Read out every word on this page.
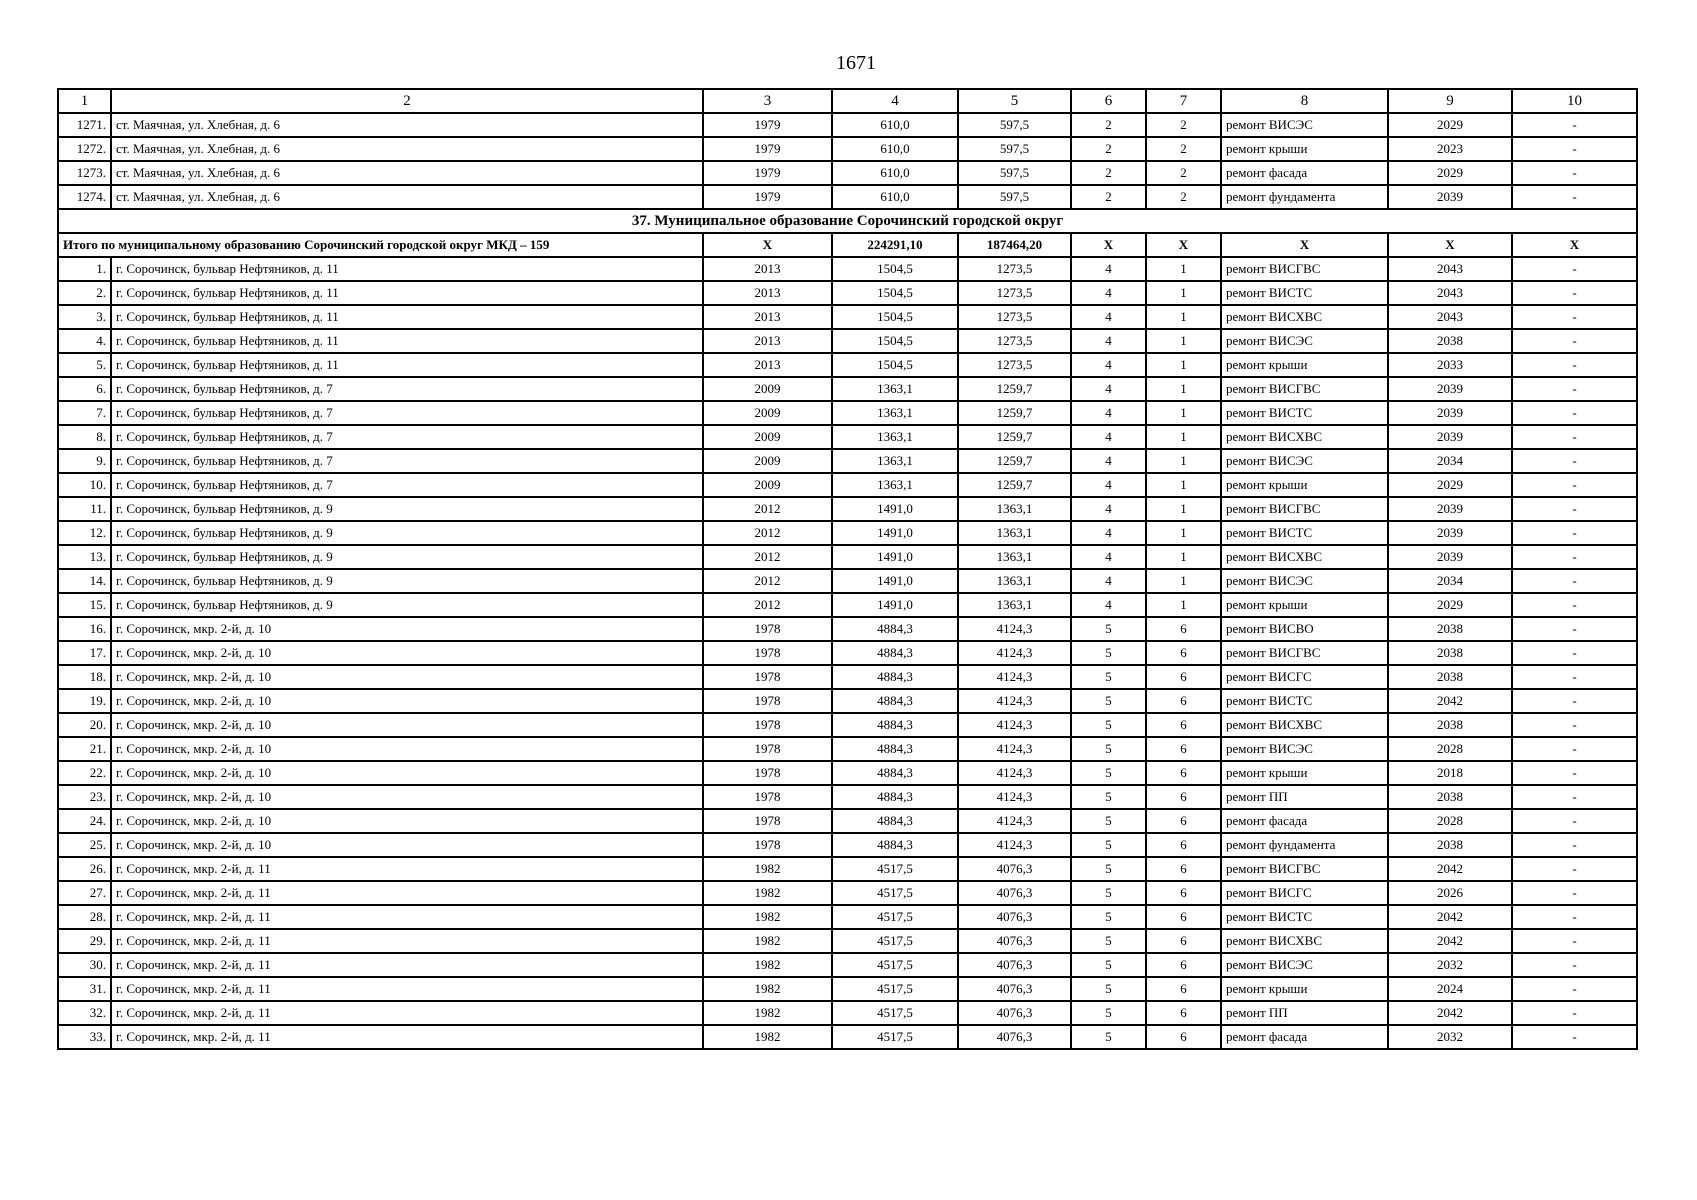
1671
1	2	3	4	5	6	7	8	9	10
1271.	ст. Маячная, ул. Хлебная, д. 6	1979	610,0	597,5	2	2	ремонт ВИСЭС	2029	-
1272.	ст. Маячная, ул. Хлебная, д. 6	1979	610,0	597,5	2	2	ремонт крыши	2023	-
1273.	ст. Маячная, ул. Хлебная, д. 6	1979	610,0	597,5	2	2	ремонт фасада	2029	-
1274.	ст. Маячная, ул. Хлебная, д. 6	1979	610,0	597,5	2	2	ремонт фундамента	2039	-
37. Муниципальное образование Сорочинский городской округ									
Итого по муниципальному образованию Сорочинский городской округ МКД – 159		X	224291,10	187464,20	X	X	X	X	X
1.	г. Сорочинск, бульвар Нефтяников, д. 11	2013	1504,5	1273,5	4	1	ремонт ВИСГВС	2043	-
2.	г. Сорочинск, бульвар Нефтяников, д. 11	2013	1504,5	1273,5	4	1	ремонт ВИСТС	2043	-
3.	г. Сорочинск, бульвар Нефтяников, д. 11	2013	1504,5	1273,5	4	1	ремонт ВИСХВС	2043	-
4.	г. Сорочинск, бульвар Нефтяников, д. 11	2013	1504,5	1273,5	4	1	ремонт ВИСЭС	2038	-
5.	г. Сорочинск, бульвар Нефтяников, д. 11	2013	1504,5	1273,5	4	1	ремонт крыши	2033	-
6.	г. Сорочинск, бульвар Нефтяников, д. 7	2009	1363,1	1259,7	4	1	ремонт ВИСГВС	2039	-
7.	г. Сорочинск, бульвар Нефтяников, д. 7	2009	1363,1	1259,7	4	1	ремонт ВИСТС	2039	-
8.	г. Сорочинск, бульвар Нефтяников, д. 7	2009	1363,1	1259,7	4	1	ремонт ВИСХВС	2039	-
9.	г. Сорочинск, бульвар Нефтяников, д. 7	2009	1363,1	1259,7	4	1	ремонт ВИСЭС	2034	-
10.	г. Сорочинск, бульвар Нефтяников, д. 7	2009	1363,1	1259,7	4	1	ремонт крыши	2029	-
11.	г. Сорочинск, бульвар Нефтяников, д. 9	2012	1491,0	1363,1	4	1	ремонт ВИСГВС	2039	-
12.	г. Сорочинск, бульвар Нефтяников, д. 9	2012	1491,0	1363,1	4	1	ремонт ВИСТС	2039	-
13.	г. Сорочинск, бульвар Нефтяников, д. 9	2012	1491,0	1363,1	4	1	ремонт ВИСХВС	2039	-
14.	г. Сорочинск, бульвар Нефтяников, д. 9	2012	1491,0	1363,1	4	1	ремонт ВИСЭС	2034	-
15.	г. Сорочинск, бульвар Нефтяников, д. 9	2012	1491,0	1363,1	4	1	ремонт крыши	2029	-
16.	г. Сорочинск, мкр. 2-й, д. 10	1978	4884,3	4124,3	5	6	ремонт ВИСВО	2038	-
17.	г. Сорочинск, мкр. 2-й, д. 10	1978	4884,3	4124,3	5	6	ремонт ВИСГВС	2038	-
18.	г. Сорочинск, мкр. 2-й, д. 10	1978	4884,3	4124,3	5	6	ремонт ВИСГС	2038	-
19.	г. Сорочинск, мкр. 2-й, д. 10	1978	4884,3	4124,3	5	6	ремонт ВИСТС	2042	-
20.	г. Сорочинск, мкр. 2-й, д. 10	1978	4884,3	4124,3	5	6	ремонт ВИСХВС	2038	-
21.	г. Сорочинск, мкр. 2-й, д. 10	1978	4884,3	4124,3	5	6	ремонт ВИСЭС	2028	-
22.	г. Сорочинск, мкр. 2-й, д. 10	1978	4884,3	4124,3	5	6	ремонт крыши	2018	-
23.	г. Сорочинск, мкр. 2-й, д. 10	1978	4884,3	4124,3	5	6	ремонт ПП	2038	-
24.	г. Сорочинск, мкр. 2-й, д. 10	1978	4884,3	4124,3	5	6	ремонт фасада	2028	-
25.	г. Сорочинск, мкр. 2-й, д. 10	1978	4884,3	4124,3	5	6	ремонт фундамента	2038	-
26.	г. Сорочинск, мкр. 2-й, д. 11	1982	4517,5	4076,3	5	6	ремонт ВИСГВС	2042	-
27.	г. Сорочинск, мкр. 2-й, д. 11	1982	4517,5	4076,3	5	6	ремонт ВИСГС	2026	-
28.	г. Сорочинск, мкр. 2-й, д. 11	1982	4517,5	4076,3	5	6	ремонт ВИСТС	2042	-
29.	г. Сорочинск, мкр. 2-й, д. 11	1982	4517,5	4076,3	5	6	ремонт ВИСХВС	2042	-
30.	г. Сорочинск, мкр. 2-й, д. 11	1982	4517,5	4076,3	5	6	ремонт ВИСЭС	2032	-
31.	г. Сорочинск, мкр. 2-й, д. 11	1982	4517,5	4076,3	5	6	ремонт крыши	2024	-
32.	г. Сорочинск, мкр. 2-й, д. 11	1982	4517,5	4076,3	5	6	ремонт ПП	2042	-
33.	г. Сорочинск, мкр. 2-й, д. 11	1982	4517,5	4076,3	5	6	ремонт фасада	2032	-
